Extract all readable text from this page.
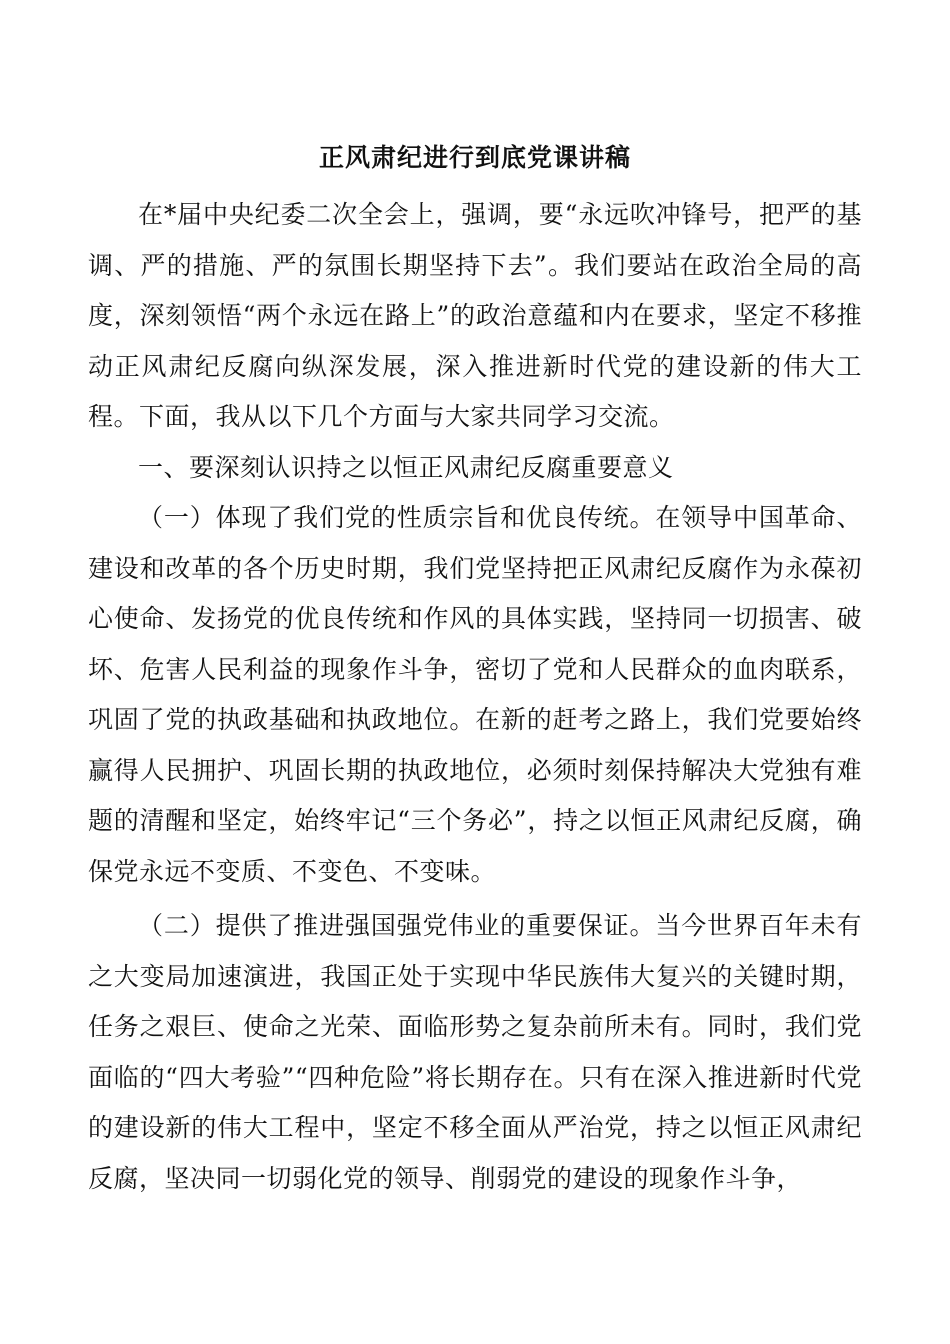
正风肃纪进行到底党课讲稿

在*届中央纪委二次全会上，强调，要“永远吹冲锋号，把严的基调、严的措施、严的氛围长期坚持下去”。我们要站在政治全局的高度，深刻领悟“两个永远在路上”的政治意蕴和内在要求，坚定不移推动正风肃纪反腐向纵深发展，深入推进新时代党的建设新的伟大工程。下面，我从以下几个方面与大家共同学习交流。

一、要深刻认识持之以恒正风肃纪反腐重要意义

（一）体现了我们党的性质宗旨和优良传统。在领导中国革命、建设和改革的各个历史时期，我们党坚持把正风肃纪反腐作为永葆初心使命、发扬党的优良传统和作风的具体实践，坚持同一切损害、破坏、危害人民利益的现象作斗争，密切了党和人民群众的血肉联系，巩固了党的执政基础和执政地位。在新的赶考之路上，我们党要始终赢得人民拥护、巩固长期的执政地位，必须时刻保持解决大党独有难题的清醒和坚定，始终牢记“三个务必”，持之以恒正风肃纪反腐，确保党永远不变质、不变色、不变味。

（二）提供了推进强国强党伟业的重要保证。当今世界百年未有之大变局加速演进，我国正处于实现中华民族伟大复兴的关键时期，任务之艰巨、使命之光荣、面临形势之复杂前所未有。同时，我们党面临的“四大考验”“四种危险”将长期存在。只有在深入推进新时代党的建设新的伟大工程中，坚定不移全面从严治党，持之以恒正风肃纪反腐，坚决同一切弱化党的领导、削弱党的建设的现象作斗争，
